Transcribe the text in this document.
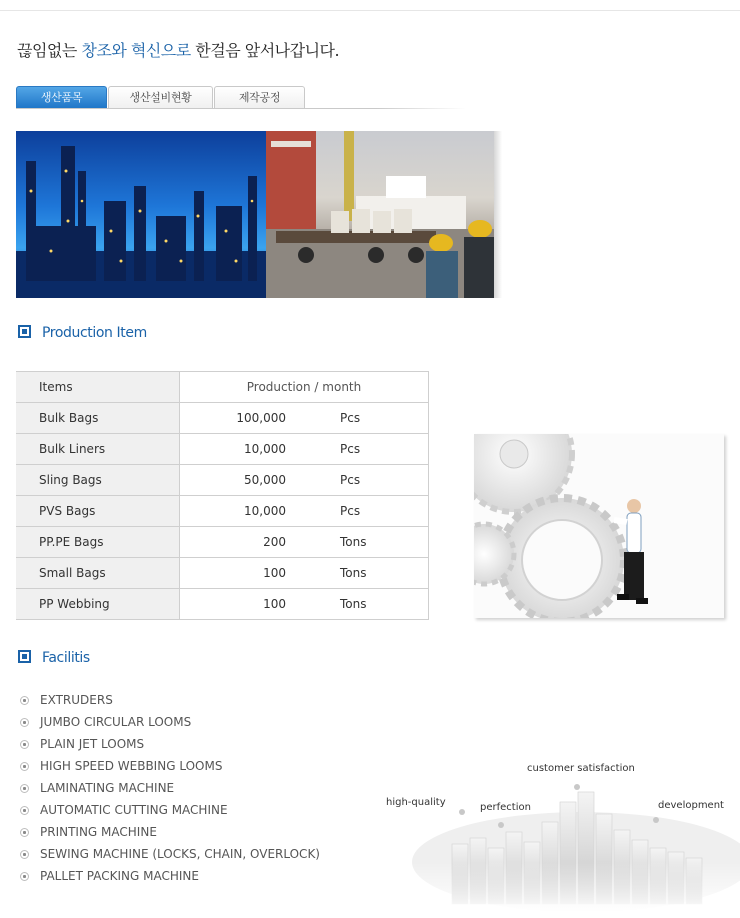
끊임없는 창조와 혁신으로 한걸음 앞서나갑니다.
생산품목	생산설비현황	제작공정
Production Item
Items	Production / month
Bulk Bags	100,000 Pcs

Bulk Liners	10,000 Pcs

Sling Bags	50,000 Pcs

PVS Bags	10,000 Pcs

PP.PE Bags	200 Tons

Small Bags	100 Tons

PP Webbing	100 Tons
Facilitis
EXTRUDERS
JUMBO CIRCULAR LOOMS
PLAIN JET LOOMS
HIGH SPEED WEBBING LOOMS
LAMINATING MACHINE
AUTOMATIC CUTTING MACHINE
PRINTING MACHINE
SEWING MACHINE (LOCKS, CHAIN, OVERLOCK)
PALLET PACKING MACHINE
customer satisfaction
high-quality	perfection	development
